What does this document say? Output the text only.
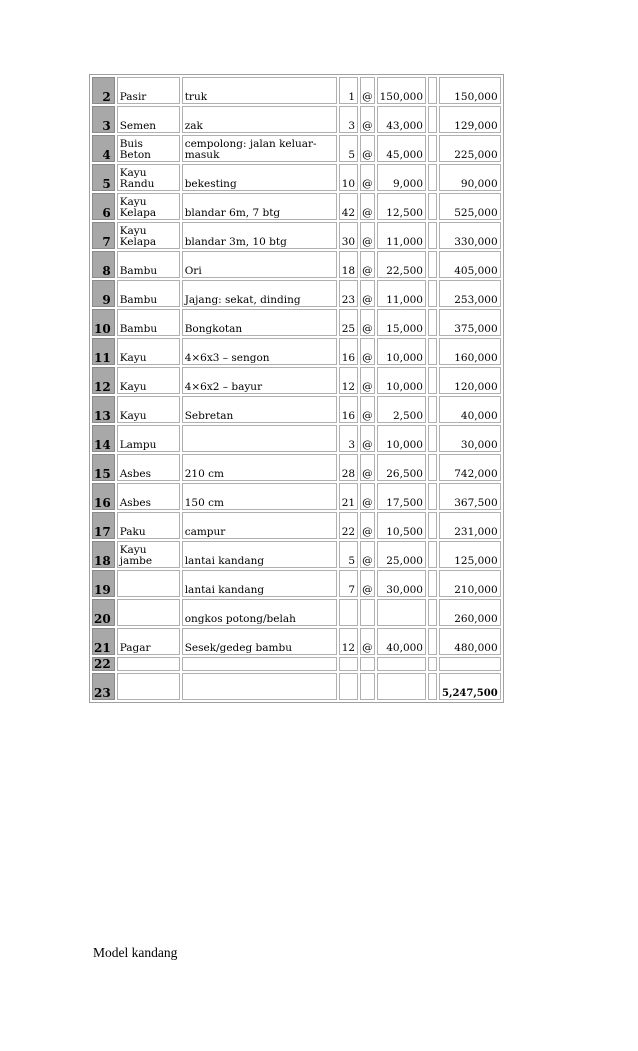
2	Pasir	truk	1	@	150,000		150,000
3	Semen	zak	3	@	43,000		129,000
4	Buis Beton	cempolong: jalan keluar-masuk	5	@	45,000		225,000
5	Kayu Randu	bekesting	10	@	9,000		90,000
6	Kayu Kelapa	blandar 6m, 7 btg	42	@	12,500		525,000
7	Kayu Kelapa	blandar 3m, 10 btg	30	@	11,000		330,000
8	Bambu	Ori	18	@	22,500		405,000
9	Bambu	Jajang: sekat, dinding	23	@	11,000		253,000
10	Bambu	Bongkotan	25	@	15,000		375,000
11	Kayu	4×6x3 – sengon	16	@	10,000		160,000
12	Kayu	4×6x2 – bayur	12	@	10,000		120,000
13	Kayu	Sebretan	16	@	2,500		40,000
14	Lampu		3	@	10,000		30,000
15	Asbes	210 cm	28	@	26,500		742,000
16	Asbes	150 cm	21	@	17,500		367,500
17	Paku	campur	22	@	10,500		231,000
18	Kayu jambe	lantai kandang	5	@	25,000		125,000
19		lantai kandang	7	@	30,000		210,000
20		ongkos potong/belah					260,000
21	Pagar	Sesek/gedeg bambu	12	@	40,000		480,000
22							
23							5,247,500
Model kandang
